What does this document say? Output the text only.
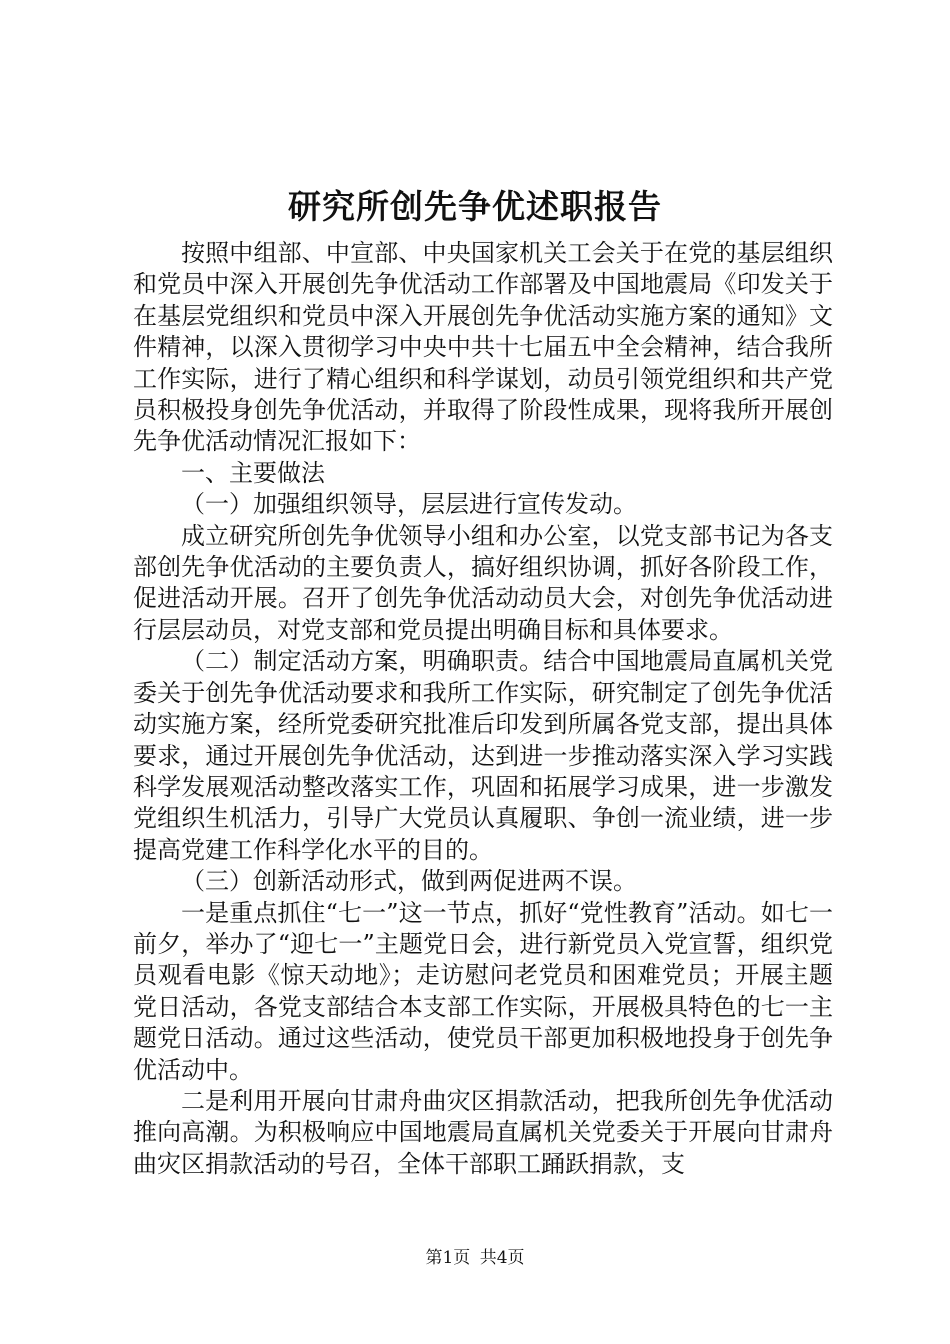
研究所创先争优述职报告

按照中组部、中宣部、中央国家机关工会关于在党的基层组织和党员中深入开展创先争优活动工作部署及中国地震局《印发关于在基层党组织和党员中深入开展创先争优活动实施方案的通知》文件精神，以深入贯彻学习中央中共十七届五中全会精神，结合我所工作实际，进行了精心组织和科学谋划，动员引领党组织和共产党员积极投身创先争优活动，并取得了阶段性成果，现将我所开展创先争优活动情况汇报如下：

一、主要做法

（一）加强组织领导，层层进行宣传发动。

成立研究所创先争优领导小组和办公室，以党支部书记为各支部创先争优活动的主要负责人，搞好组织协调，抓好各阶段工作，促进活动开展。召开了创先争优活动动员大会，对创先争优活动进行层层动员，对党支部和党员提出明确目标和具体要求。

（二）制定活动方案，明确职责。结合中国地震局直属机关党委关于创先争优活动要求和我所工作实际，研究制定了创先争优活动实施方案，经所党委研究批准后印发到所属各党支部，提出具体要求，通过开展创先争优活动，达到进一步推动落实深入学习实践科学发展观活动整改落实工作，巩固和拓展学习成果，进一步激发党组织生机活力，引导广大党员认真履职、争创一流业绩，进一步提高党建工作科学化水平的目的。

（三）创新活动形式，做到两促进两不误。

一是重点抓住“七一”这一节点，抓好“党性教育”活动。如七一前夕，举办了“迎七一”主题党日会，进行新党员入党宣誓，组织党员观看电影《惊天动地》；走访慰问老党员和困难党员；开展主题党日活动，各党支部结合本支部工作实际，开展极具特色的七一主题党日活动。通过这些活动，使党员干部更加积极地投身于创先争优活动中。

二是利用开展向甘肃舟曲灾区捐款活动，把我所创先争优活动推向高潮。为积极响应中国地震局直属机关党委关于开展向甘肃舟曲灾区捐款活动的号召，全体干部职工踊跃捐款，支

第1页 共4页
